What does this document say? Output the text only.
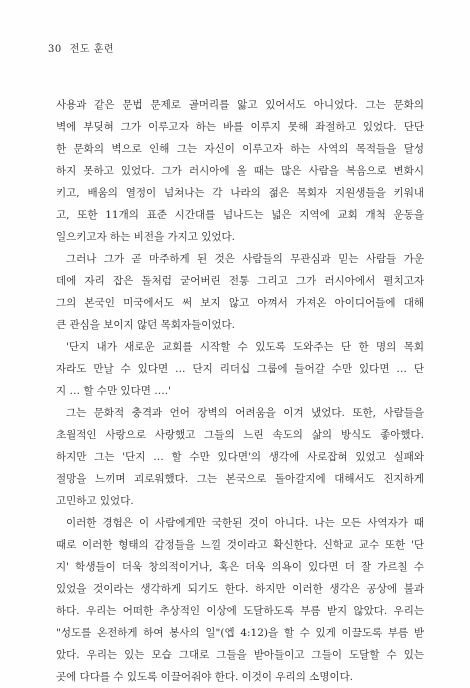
30 전도 훈련
사용과 같은 문법 문제로 골머리를 앓고 있어서도 아니었다. 그는 문화의
벽에 부딪혀 그가 이루고자 하는 바를 이루지 못해 좌절하고 있었다. 단단
한 문화의 벽으로 인해 그는 자신이 이루고자 하는 사역의 목적들을 달성
하지 못하고 있었다. 그가 러시아에 올 때는 많은 사람을 복음으로 변화시
키고, 배움의 열정이 넘쳐나는 각 나라의 젊은 목회자 지원생들을 키워내
고, 또한 11개의 표준 시간대를 넘나드는 넓은 지역에 교회 개척 운동을
일으키고자 하는 비전을 가지고 있었다.
그러나 그가 곧 마주하게 된 것은 사람들의 무관심과 믿는 사람들 가운
데에 자리 잡은 돌처럼 굳어버린 전통 그리고 그가 러시아에서 펼치고자
그의 본국인 미국에서도 써 보지 않고 아껴서 가져온 아이디어들에 대해
큰 관심을 보이지 않던 목회자들이었다.
'단지 내가 새로운 교회를 시작할 수 있도록 도와주는 단 한 명의 목회
자라도 만날 수 있다면 … 단지 리더십 그룹에 들어갈 수만 있다면 … 단
지 … 할 수만 있다면 ….'
그는 문화적 충격과 언어 장벽의 어려움을 이겨 냈었다. 또한, 사람들을
초월적인 사랑으로 사랑했고 그들의 느린 속도의 삶의 방식도 좋아했다.
하지만 그는 '단지 … 할 수만 있다면'의 생각에 사로잡혀 있었고 실패와
절망을 느끼며 괴로워했다. 그는 본국으로 돌아갈지에 대해서도 진지하게
고민하고 있었다.
이러한 경험은 이 사람에게만 국한된 것이 아니다. 나는 모든 사역자가 때
때로 이러한 형태의 감정들을 느낄 것이라고 확신한다. 신학교 교수 또한 '단
지' 학생들이 더욱 창의적이거나, 혹은 더욱 의욕이 있다면 더 잘 가르칠 수
있었을 것이라는 생각하게 되기도 한다. 하지만 이러한 생각은 공상에 불과
하다. 우리는 어떠한 추상적인 이상에 도달하도록 부름 받지 않았다. 우리는
"성도를 온전하게 하여 봉사의 일"(엡 4:12)을 할 수 있게 이끌도록 부름 받
았다. 우리는 있는 모습 그대로 그들을 받아들이고 그들이 도달할 수 있는
곳에 다다를 수 있도록 이끌어줘야 한다. 이것이 우리의 소명이다.
